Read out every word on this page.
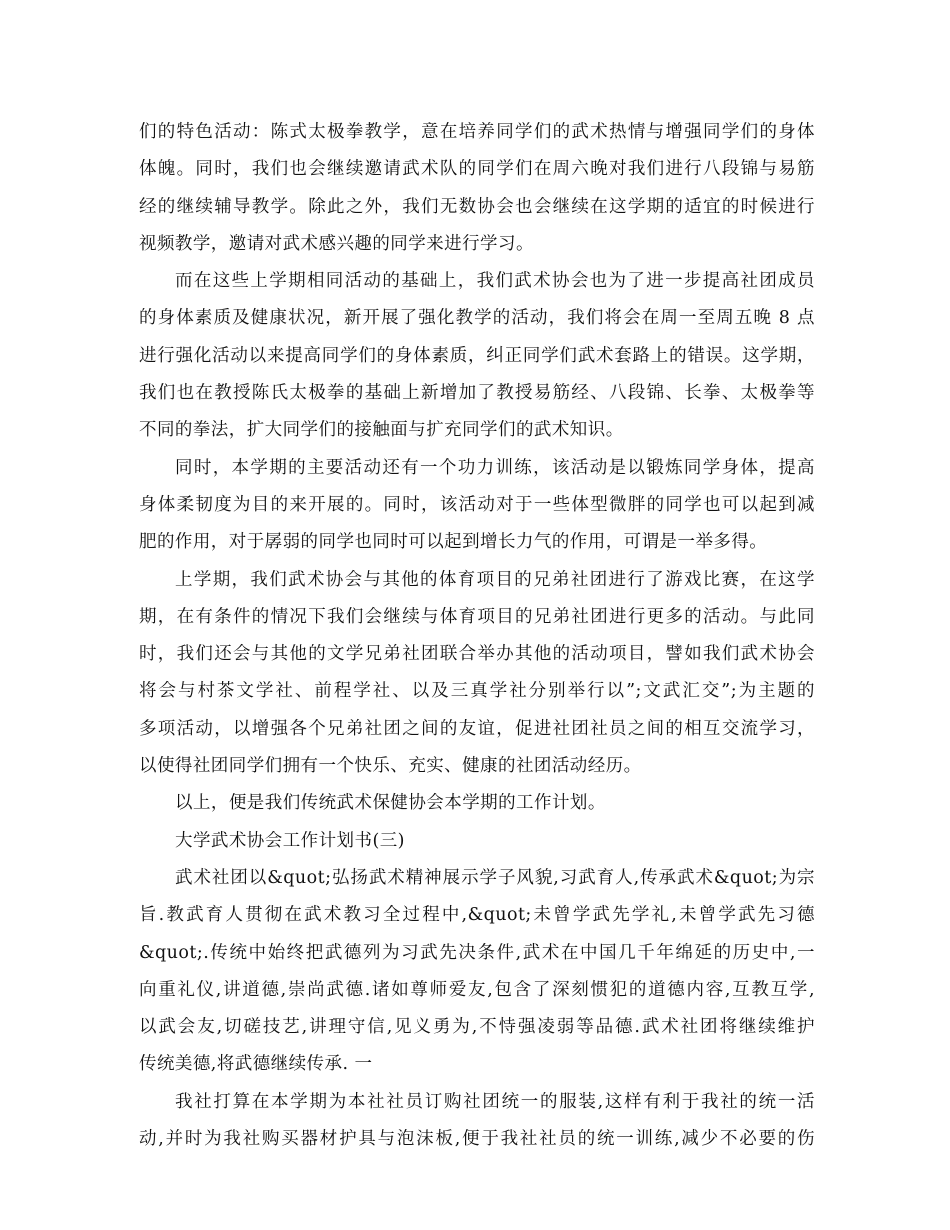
们的特色活动：陈式太极拳教学，意在培养同学们的武术热情与增强同学们的身体
体魄。同时，我们也会继续邀请武术队的同学们在周六晚对我们进行八段锦与易筋
经的继续辅导教学。除此之外，我们无数协会也会继续在这学期的适宜的时候进行
视频教学，邀请对武术感兴趣的同学来进行学习。
而在这些上学期相同活动的基础上，我们武术协会也为了进一步提高社团成员
的身体素质及健康状况，新开展了强化教学的活动，我们将会在周一至周五晚 8 点
进行强化活动以来提高同学们的身体素质，纠正同学们武术套路上的错误。这学期，
我们也在教授陈氏太极拳的基础上新增加了教授易筋经、八段锦、长拳、太极拳等
不同的拳法，扩大同学们的接触面与扩充同学们的武术知识。
同时，本学期的主要活动还有一个功力训练，该活动是以锻炼同学身体，提高
身体柔韧度为目的来开展的。同时，该活动对于一些体型微胖的同学也可以起到减
肥的作用，对于孱弱的同学也同时可以起到增长力气的作用，可谓是一举多得。
上学期，我们武术协会与其他的体育项目的兄弟社团进行了游戏比赛，在这学
期，在有条件的情况下我们会继续与体育项目的兄弟社团进行更多的活动。与此同
时，我们还会与其他的文学兄弟社团联合举办其他的活动项目，譬如我们武术协会
将会与村茶文学社、前程学社、以及三真学社分别举行以”;文武汇交”;为主题的
多项活动，以增强各个兄弟社团之间的友谊，促进社团社员之间的相互交流学习，
以使得社团同学们拥有一个快乐、充实、健康的社团活动经历。
以上，便是我们传统武术保健协会本学期的工作计划。
大学武术协会工作计划书(三)
武术社团以&quot;弘扬武术精神展示学子风貌,习武育人,传承武术&quot;为宗
旨.教武育人贯彻在武术教习全过程中,&quot;未曾学武先学礼,未曾学武先习德
&quot;.传统中始终把武德列为习武先决条件,武术在中国几千年绵延的历史中,一
向重礼仪,讲道德,崇尚武德.诸如尊师爱友,包含了深刻惯犯的道德内容,互教互学,
以武会友,切磋技艺,讲理守信,见义勇为,不恃强凌弱等品德.武术社团将继续维护
传统美德,将武德继续传承. 一
我社打算在本学期为本社社员订购社团统一的服装,这样有利于我社的统一活
动,并时为我社购买器材护具与泡沫板,便于我社社员的统一训练,减少不必要的伤
